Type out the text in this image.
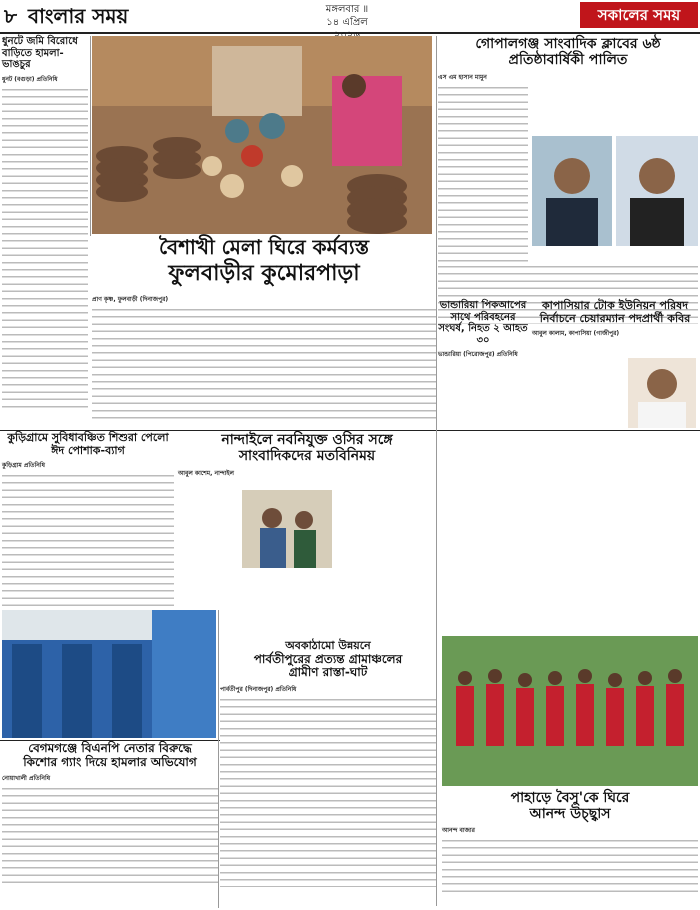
৮ বাংলার সময়	মঙ্গলবার ॥
১৪ এপ্রিল	সকালের সময়
ধুনটে জমি বিরোধে বাড়িতে হামলা-ভাঙচুর
ধুনট (বগুড়া) প্রতিনিধি
গোপালগঞ্জ সাংবাদিক ক্লাবের ৬ষ্ঠ প্রতিষ্ঠাবার্ষিকী পালিত
এস এম হাসান মামুন
বৈশাখী মেলা ঘিরে কর্মব্যস্ত
ফুলবাড়ীর কুমোরপাড়া
প্রাণ কৃষ্ণ, ফুলবাড়ী (দিনাজপুর)
ভান্ডারিয়া পিকআপের সাথে পরিবহনের সংঘর্ষ, নিহত ২ আহত ৩০
ভান্ডারিয়া (পিরোজপুর) প্রতিনিধি
কাপাসিয়ার টোক ইউনিয়ন পরিষদ নির্বাচনে চেয়ারম্যান পদপ্রার্থী কবির
আবুল কালাম, কাপাসিয়া (গাজীপুর)
কুড়িগ্রামে সুবিধাবঞ্চিত শিশুরা পেলো ঈদ পোশাক-ব্যাগ
কুড়িগ্রাম প্রতিনিধি
নান্দাইলে নবনিযুক্ত ওসির সঙ্গে
সাংবাদিকদের মতবিনিময়
আবুল কাশেম, নান্দাইল
অবকাঠামো উন্নয়নে
পার্বতীপুরের প্রত্যন্ত গ্রামাঞ্চলের
গ্রামীণ রাস্তা-ঘাট
পার্বতীপুর (দিনাজপুর) প্রতিনিধি
বেগমগঞ্জে বিএনপি নেতার বিরুদ্ধে
কিশোর গ্যাং দিয়ে হামলার অভিযোগ
নোয়াখালী প্রতিনিধি
পাহাড়ে বৈসু'কে ঘিরে
আনন্দ উচ্ছ্বাস
আনন্দ বাজার
